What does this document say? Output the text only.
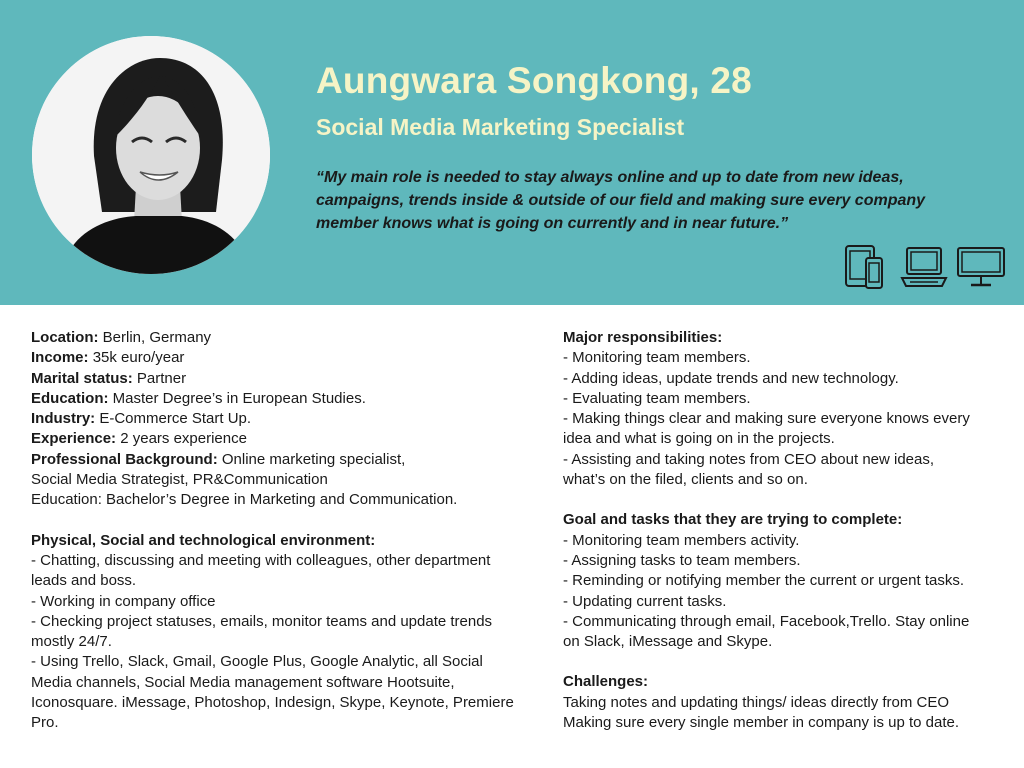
Aungwara Songkong, 28
Social Media Marketing Specialist

“My main role is needed to stay always online and up to date from new ideas, campaigns, trends inside & outside of our field and making sure every company member knows what is going on currently and in near future.”

Location: Berlin, Germany
Income: 35k euro/year
Marital status: Partner
Education: Master Degree’s in European Studies.
Industry: E-Commerce Start Up.
Experience: 2 years experience
Professional Background: Online marketing specialist,
Social Media Strategist, PR&Communication
Education: Bachelor’s Degree in Marketing and Communication.
Physical, Social and technological environment:
- Chatting, discussing and meeting with colleagues, other department
leads and boss.
- Working in company office
- Checking project statuses, emails, monitor teams and update trends
mostly 24/7.
- Using Trello, Slack, Gmail, Google Plus, Google Analytic, all Social
Media channels, Social Media management software Hootsuite,
Iconosquare. iMessage, Photoshop, Indesign, Skype, Keynote, Premiere
Pro.
Major responsibilities:
- Monitoring team members.
- Adding ideas, update trends and new technology.
- Evaluating team members.
- Making things clear and making sure everyone knows every
idea and what is going on in the projects.
- Assisting and taking notes from CEO about new ideas,
what’s on the filed, clients and so on.
Goal and tasks that they are trying to complete:
- Monitoring team members activity.
- Assigning tasks to team members.
- Reminding or notifying member the current or urgent tasks.
- Updating current tasks.
- Communicating through email, Facebook,Trello. Stay online
on Slack, iMessage and Skype.
Challenges:
Taking notes and updating things/ ideas directly from CEO
Making sure every single member in company is up to date.
